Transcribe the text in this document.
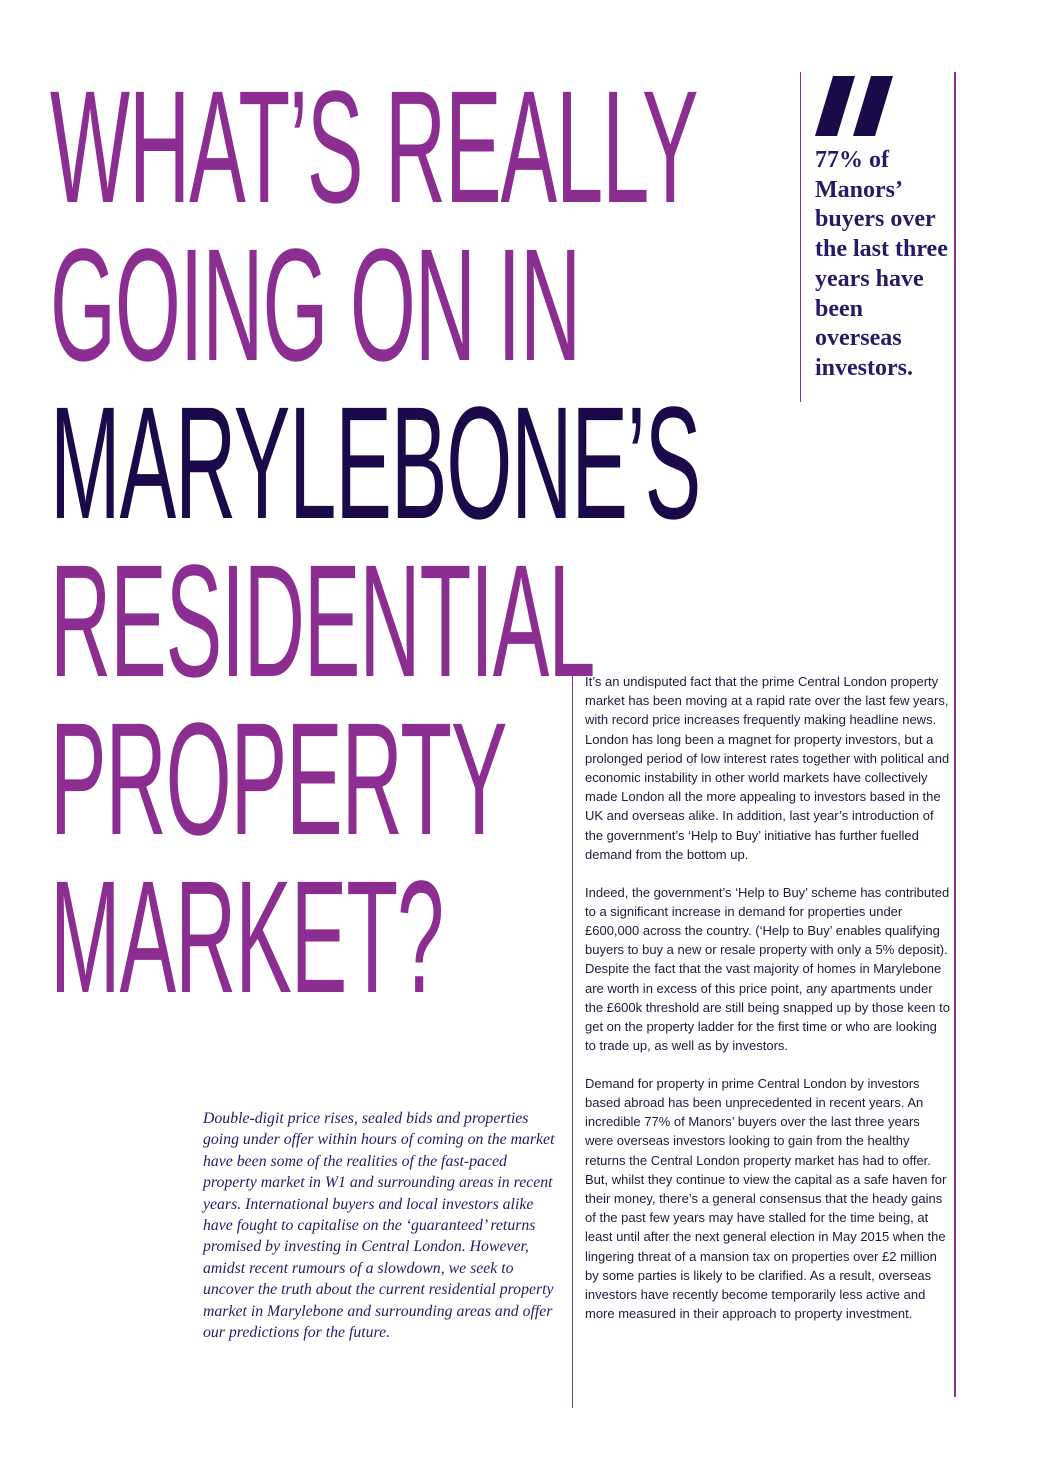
WHAT’S REALLY
GOING ON IN
MARYLEBONE’S
RESIDENTIAL
PROPERTY
MARKET?

77% of Manors’ buyers over the last three years have been overseas investors.

Double-digit price rises, sealed bids and properties going under offer within hours of coming on the market have been some of the realities of the fast-paced property market in W1 and surrounding areas in recent years. International buyers and local investors alike have fought to capitalise on the ‘guaranteed’ returns promised by investing in Central London. However, amidst recent rumours of a slowdown, we seek to uncover the truth about the current residential property market in Marylebone and surrounding areas and offer our predictions for the future.

It’s an undisputed fact that the prime Central London property market has been moving at a rapid rate over the last few years, with record price increases frequently making headline news. London has long been a magnet for property investors, but a prolonged period of low interest rates together with political and economic instability in other world markets have collectively made London all the more appealing to investors based in the UK and overseas alike. In addition, last year’s introduction of the government’s ‘Help to Buy’ initiative has further fuelled demand from the bottom up.

Indeed, the government’s ‘Help to Buy’ scheme has contributed to a significant increase in demand for properties under £600,000 across the country. (‘Help to Buy’ enables qualifying buyers to buy a new or resale property with only a 5% deposit). Despite the fact that the vast majority of homes in Marylebone are worth in excess of this price point, any apartments under the £600k threshold are still being snapped up by those keen to get on the property ladder for the first time or who are looking to trade up, as well as by investors.

Demand for property in prime Central London by investors based abroad has been unprecedented in recent years. An incredible 77% of Manors’ buyers over the last three years were overseas investors looking to gain from the healthy returns the Central London property market has had to offer. But, whilst they continue to view the capital as a safe haven for their money, there’s a general consensus that the heady gains of the past few years may have stalled for the time being, at least until after the next general election in May 2015 when the lingering threat of a mansion tax on properties over £2 million by some parties is likely to be clarified. As a result, overseas investors have recently become temporarily less active and more measured in their approach to property investment.
